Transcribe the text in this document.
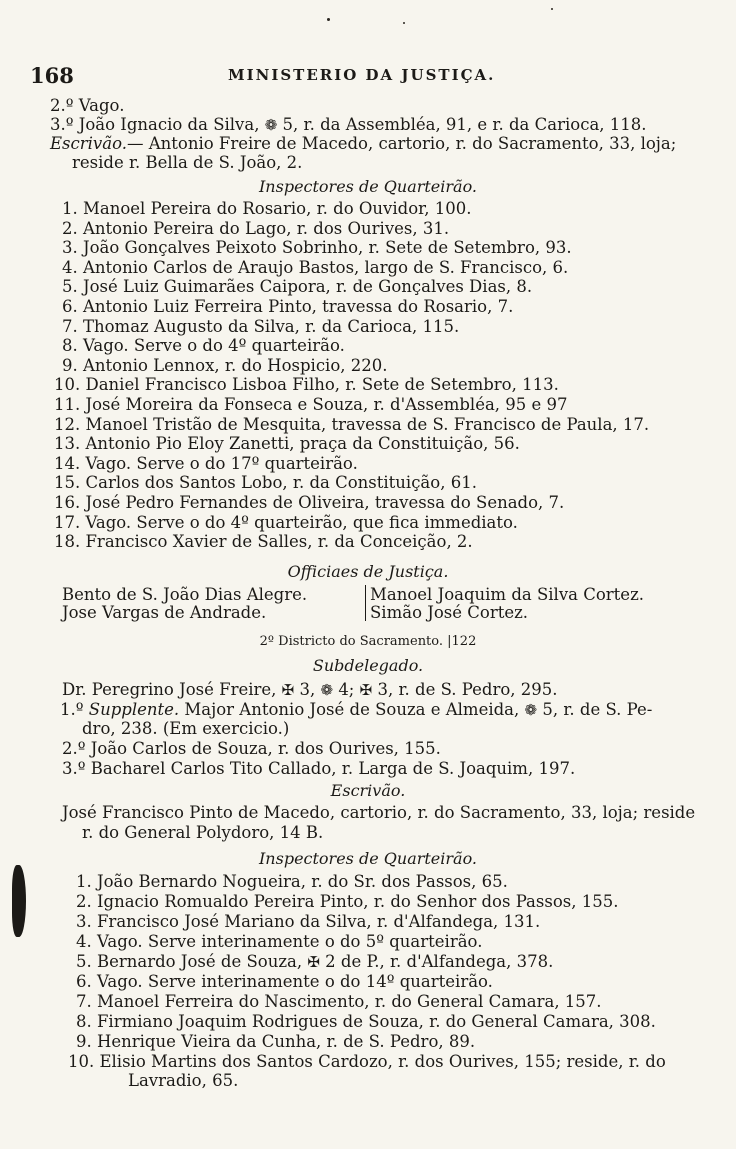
168	MINISTERIO DA JUSTIÇA.
2.º Vago.
3.º João Ignacio da Silva, ❁ 5, r. da Assembléa, 91, e r. da Carioca, 118.
Escrivão.— Antonio Freire de Macedo, cartorio, r. do Sacramento, 33, loja;
reside r. Bella de S. João, 2.
Inspectores de Quarteirão.
1. Manoel Pereira do Rosario, r. do Ouvidor, 100.
2. Antonio Pereira do Lago, r. dos Ourives, 31.
3. João Gonçalves Peixoto Sobrinho, r. Sete de Setembro, 93.
4. Antonio Carlos de Araujo Bastos, largo de S. Francisco, 6.
5. José Luiz Guimarães Caipora, r. de Gonçalves Dias, 8.
6. Antonio Luiz Ferreira Pinto, travessa do Rosario, 7.
7. Thomaz Augusto da Silva, r. da Carioca, 115.
8. Vago. Serve o do 4º quarteirão.
9. Antonio Lennox, r. do Hospicio, 220.
10. Daniel Francisco Lisboa Filho, r. Sete de Setembro, 113.
11. José Moreira da Fonseca e Souza, r. d'Assembléa, 95 e 97
12. Manoel Tristão de Mesquita, travessa de S. Francisco de Paula, 17.
13. Antonio Pio Eloy Zanetti, praça da Constituição, 56.
14. Vago. Serve o do 17º quarteirão.
15. Carlos dos Santos Lobo, r. da Constituição, 61.
16. José Pedro Fernandes de Oliveira, travessa do Senado, 7.
17. Vago. Serve o do 4º quarteirão, que fica immediato.
18. Francisco Xavier de Salles, r. da Conceição, 2.
Officiaes de Justiça.
Bento de S. João Dias Alegre.
Jose Vargas de Andrade.
Manoel Joaquim da Silva Cortez.
Simão José Cortez.
2º Districto do Sacramento. |122
Subdelegado.
Dr. Peregrino José Freire, ✠ 3, ❁ 4; ✠ 3, r. de S. Pedro, 295.
1.º Supplente. Major Antonio José de Souza e Almeida, ❁ 5, r. de S. Pe-
dro, 238. (Em exercicio.)
2.º João Carlos de Souza, r. dos Ourives, 155.
3.º Bacharel Carlos Tito Callado, r. Larga de S. Joaquim, 197.
Escrivão.
José Francisco Pinto de Macedo, cartorio, r. do Sacramento, 33, loja; reside
r. do General Polydoro, 14 B.
Inspectores de Quarteirão.
1. João Bernardo Nogueira, r. do Sr. dos Passos, 65.
2. Ignacio Romualdo Pereira Pinto, r. do Senhor dos Passos, 155.
3. Francisco José Mariano da Silva, r. d'Alfandega, 131.
4. Vago. Serve interinamente o do 5º quarteirão.
5. Bernardo José de Souza, ✠ 2 de P., r. d'Alfandega, 378.
6. Vago. Serve interinamente o do 14º quarteirão.
7. Manoel Ferreira do Nascimento, r. do General Camara, 157.
8. Firmiano Joaquim Rodrigues de Souza, r. do General Camara, 308.
9. Henrique Vieira da Cunha, r. de S. Pedro, 89.
10. Elisio Martins dos Santos Cardozo, r. dos Ourives, 155; reside, r. do
Lavradio, 65.
